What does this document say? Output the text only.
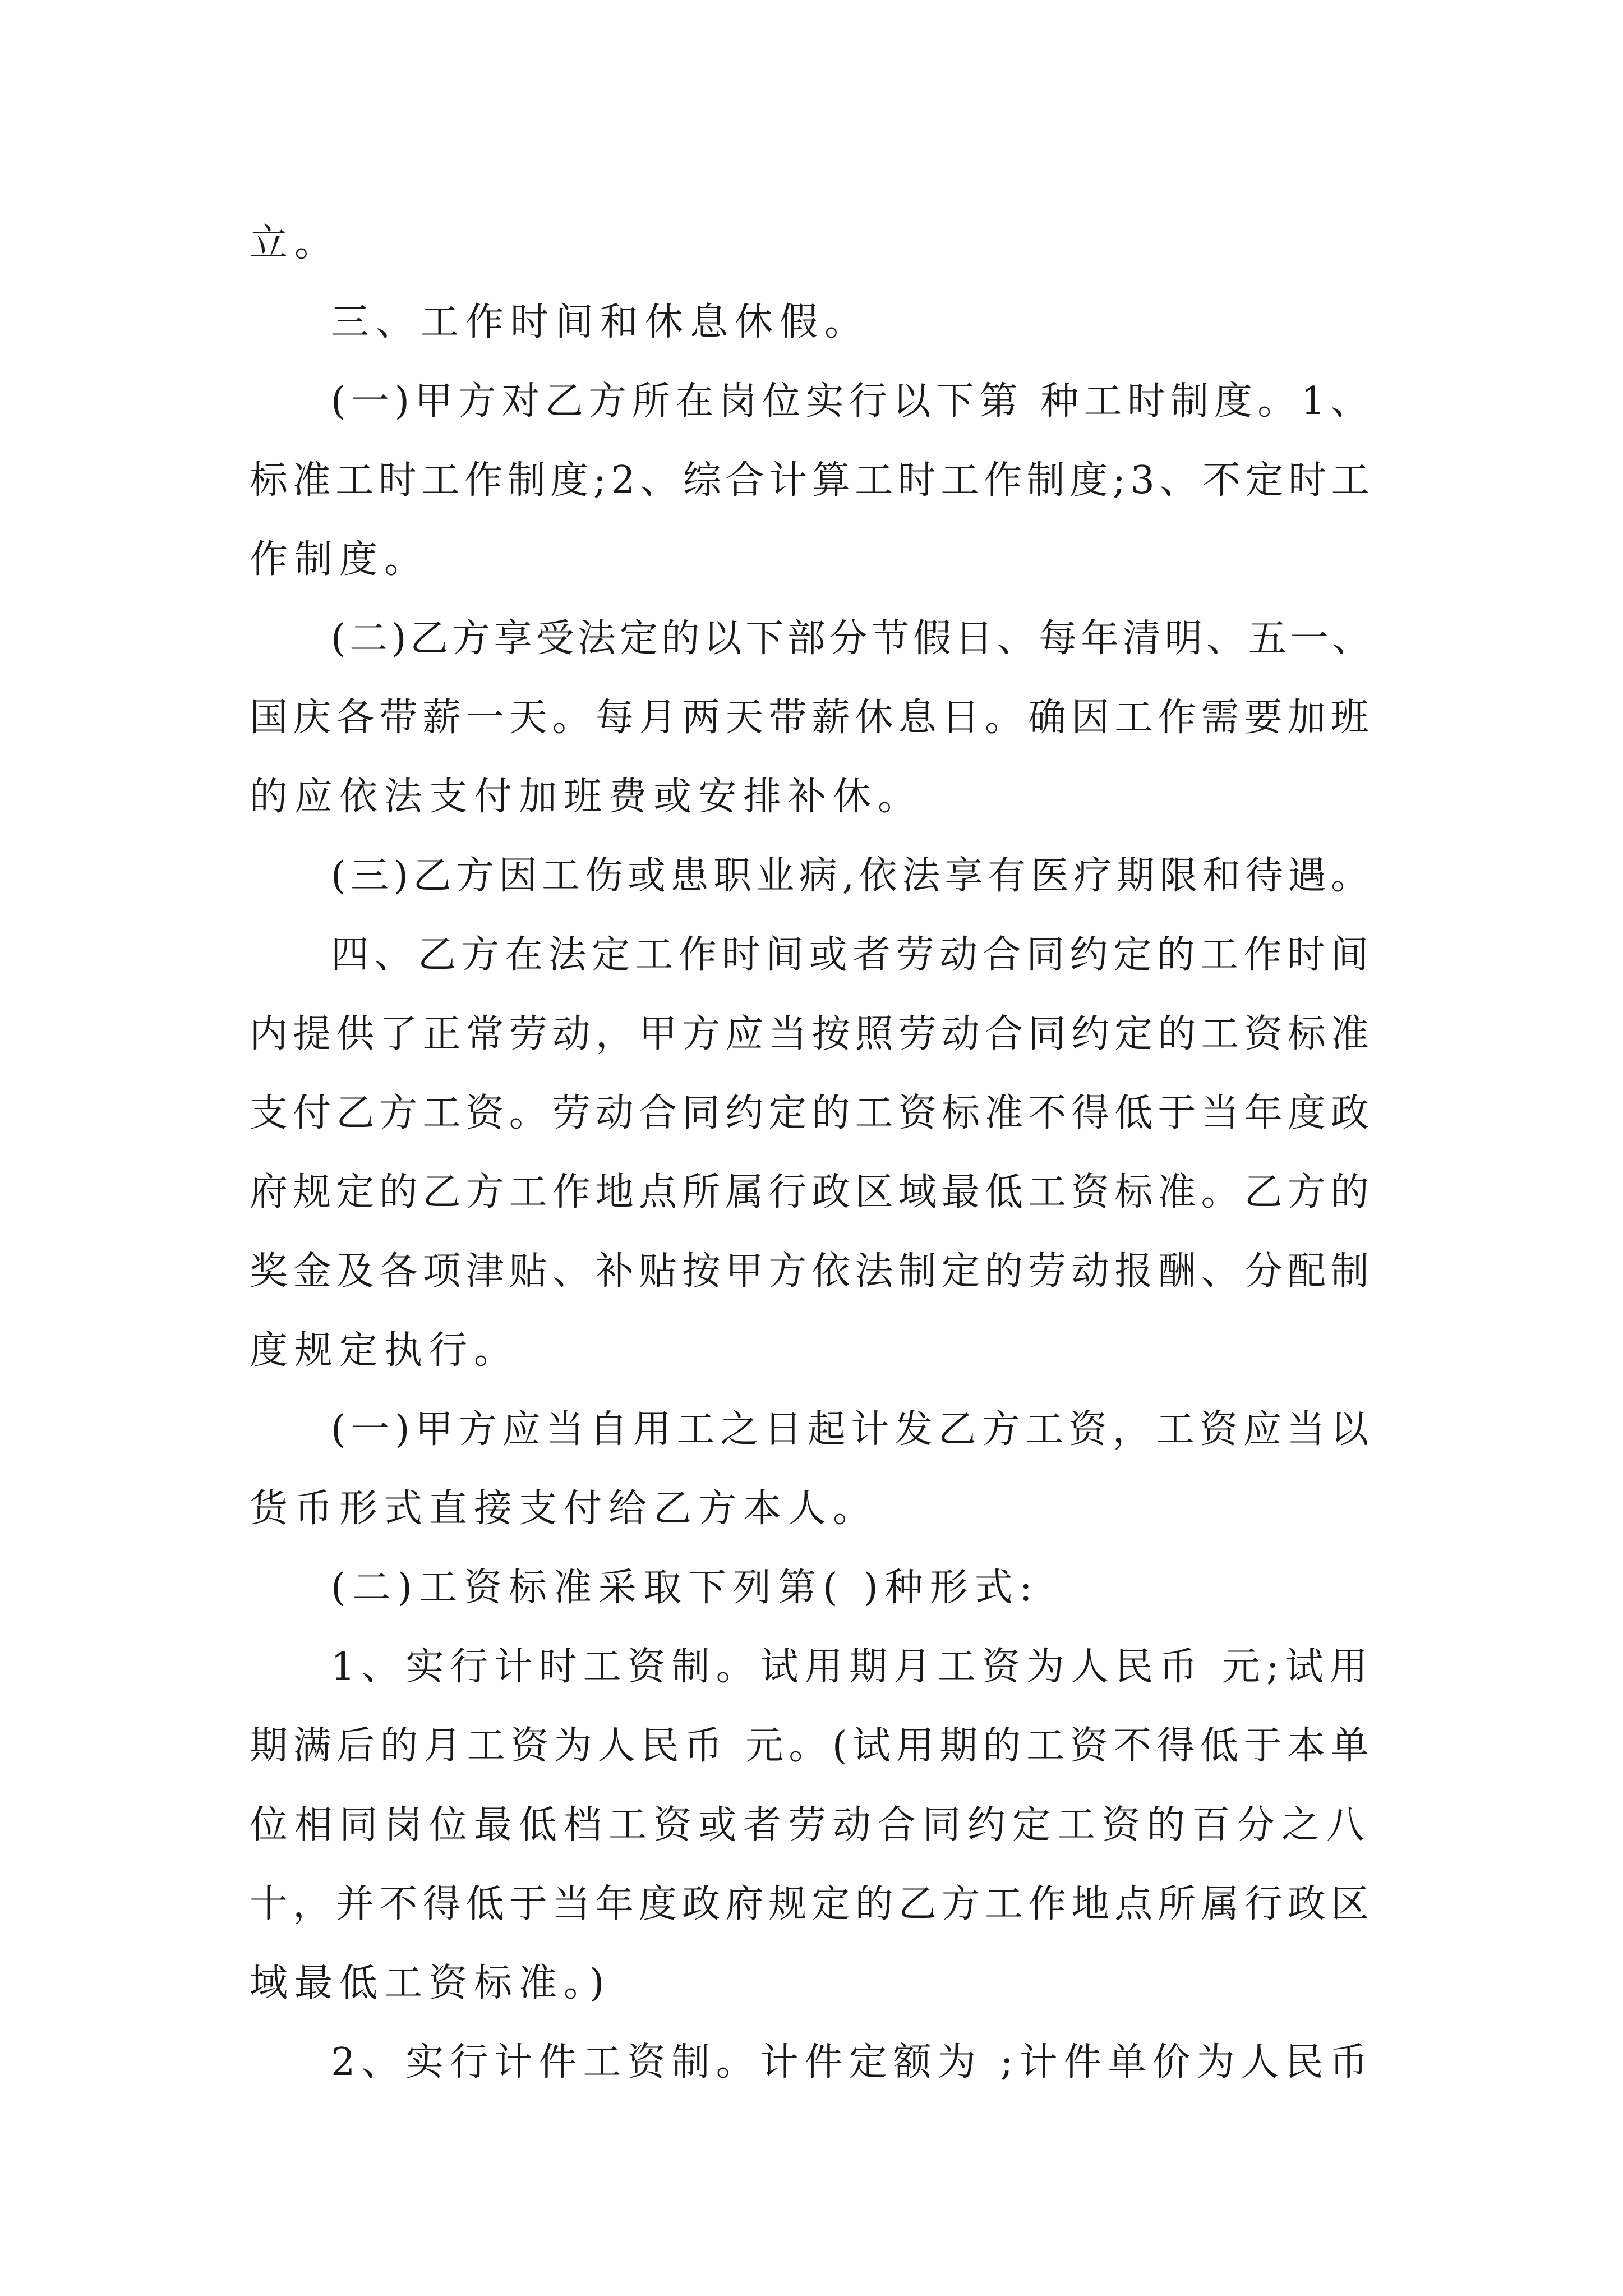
立。
三、工作时间和休息休假。
(一)甲方对乙方所在岗位实行以下第 种工时制度。1、
标准工时工作制度;2、综合计算工时工作制度;3、不定时工
作制度。
(二)乙方享受法定的以下部分节假日、每年清明、五一、
国庆各带薪一天。每月两天带薪休息日。确因工作需要加班
的应依法支付加班费或安排补休。
(三)乙方因工伤或患职业病,依法享有医疗期限和待遇。
四、乙方在法定工作时间或者劳动合同约定的工作时间
内提供了正常劳动，甲方应当按照劳动合同约定的工资标准
支付乙方工资。劳动合同约定的工资标准不得低于当年度政
府规定的乙方工作地点所属行政区域最低工资标准。乙方的
奖金及各项津贴、补贴按甲方依法制定的劳动报酬、分配制
度规定执行。
(一)甲方应当自用工之日起计发乙方工资，工资应当以
货币形式直接支付给乙方本人。
(二)工资标准采取下列第( )种形式:
1、实行计时工资制。试用期月工资为人民币 元;试用
期满后的月工资为人民币 元。(试用期的工资不得低于本单
位相同岗位最低档工资或者劳动合同约定工资的百分之八
十，并不得低于当年度政府规定的乙方工作地点所属行政区
域最低工资标准。)
2、实行计件工资制。计件定额为 ;计件单价为人民币
